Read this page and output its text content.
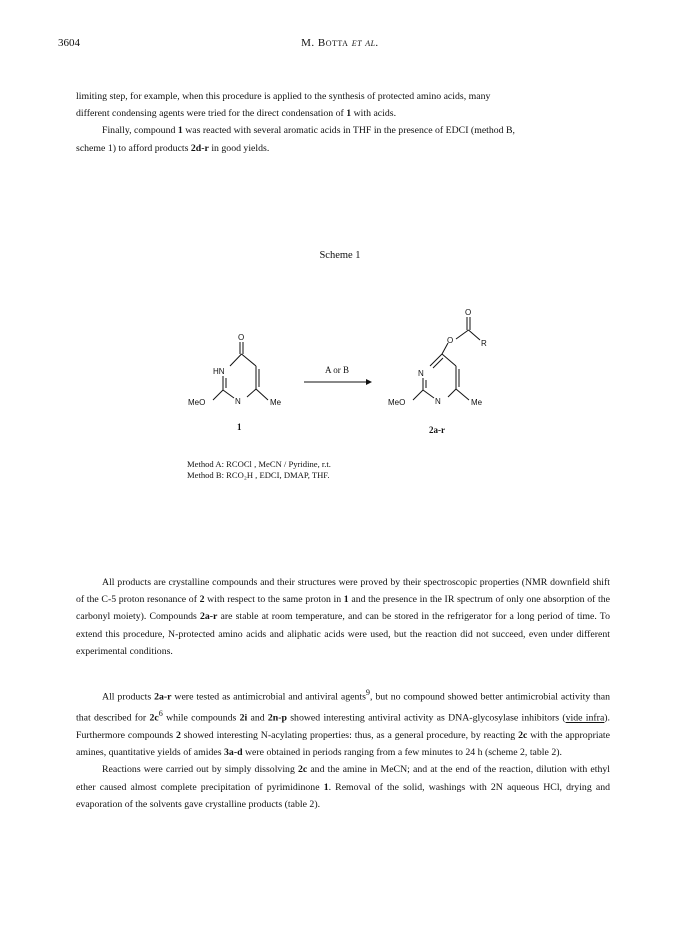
3604	M. Botta et al.

limiting step, for example, when this procedure is applied to the synthesis of protected amino acids, many

different condensing agents were tried for the direct condensation of 1 with acids.

Finally, compound 1 was reacted with several aromatic acids in THF in the presence of EDCI (method B,

scheme 1) to afford products 2d-r in good yields.

Scheme 1
O
HN
N
MeO	Me
1
A or B
O
O	R
N
N
MeO	Me
2a-r
Method A: RCOCl , MeCN / Pyridine, r.t.
Method B: RCO₂H , EDCI, DMAP, THF.

All products are crystalline compounds and their structures were proved by their spectroscopic properties (NMR downfield shift of the C-5 proton resonance of 2 with respect to the same proton in 1 and the presence in the IR spectrum of only one absorption of the carbonyl moiety). Compounds 2a-r are stable at room temperature, and can be stored in the refrigerator for a long period of time. To extend this procedure, N-protected amino acids and aliphatic acids were used, but the reaction did not succeed, even under different experimental conditions.

All products 2a-r were tested as antimicrobial and antiviral agents$^9$, but no compound showed better antimicrobial activity than that described for $2c^6$ while compounds 2i and 2n-p showed interesting antiviral activity as DNA-glycosylase inhibitors (vide infra). Furthermore compounds 2 showed interesting N-acylating properties: thus, as a general procedure, by reacting 2c with the appropriate amines, quantitative yields of amides 3a-d were obtained in periods ranging from a few minutes to 24 h (scheme 2, table 2).

Reactions were carried out by simply dissolving 2c and the amine in MeCN; and at the end of the reaction, dilution with ethyl ether caused almost complete precipitation of pyrimidinone 1. Removal of the solid, washings with 2N aqueous HCl, drying and evaporation of the solvents gave crystalline products (table 2).
